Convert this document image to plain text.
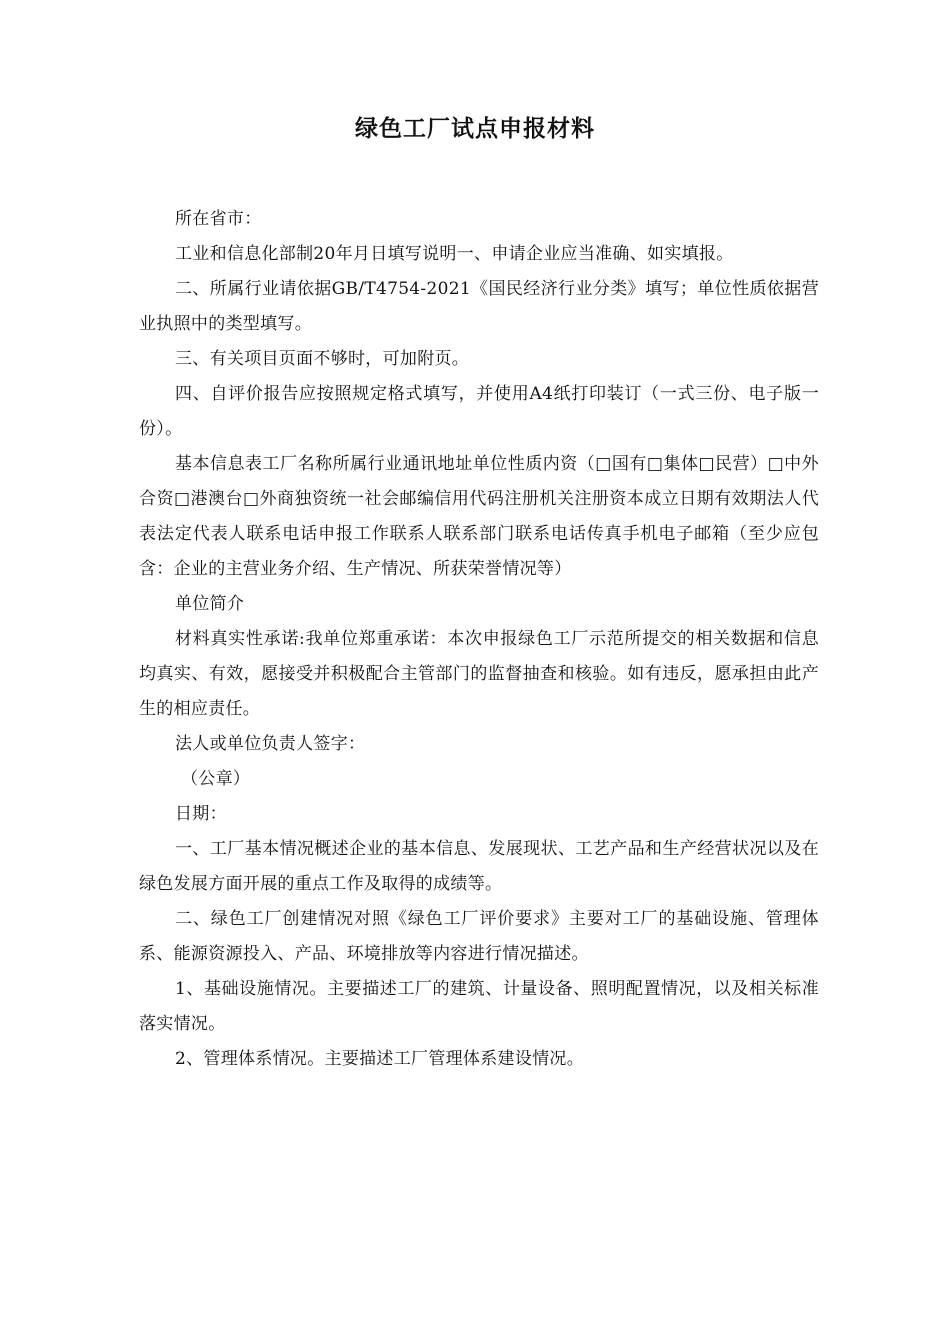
绿色工厂试点申报材料

所在省市：

工业和信息化部制20年月日填写说明一、申请企业应当准确、如实填报。

二、所属行业请依据GB/T4754-2021《国民经济行业分类》填写；单位性质依据营业执照中的类型填写。

三、有关项目页面不够时，可加附页。

四、自评价报告应按照规定格式填写，并使用A4纸打印装订（一式三份、电子版一份）。

基本信息表工厂名称所属行业通讯地址单位性质内资（□国有□集体□民营）□中外合资□港澳台□外商独资统一社会邮编信用代码注册机关注册资本成立日期有效期法人代表法定代表人联系电话申报工作联系人联系部门联系电话传真手机电子邮箱（至少应包含：企业的主营业务介绍、生产情况、所获荣誉情况等）

单位简介

材料真实性承诺:我单位郑重承诺：本次申报绿色工厂示范所提交的相关数据和信息均真实、有效，愿接受并积极配合主管部门的监督抽查和核验。如有违反，愿承担由此产生的相应责任。

法人或单位负责人签字：

（公章）

日期：

一、工厂基本情况概述企业的基本信息、发展现状、工艺产品和生产经营状况以及在绿色发展方面开展的重点工作及取得的成绩等。

二、绿色工厂创建情况对照《绿色工厂评价要求》主要对工厂的基础设施、管理体系、能源资源投入、产品、环境排放等内容进行情况描述。

1、基础设施情况。主要描述工厂的建筑、计量设备、照明配置情况，以及相关标准落实情况。

2、管理体系情况。主要描述工厂管理体系建设情况。
